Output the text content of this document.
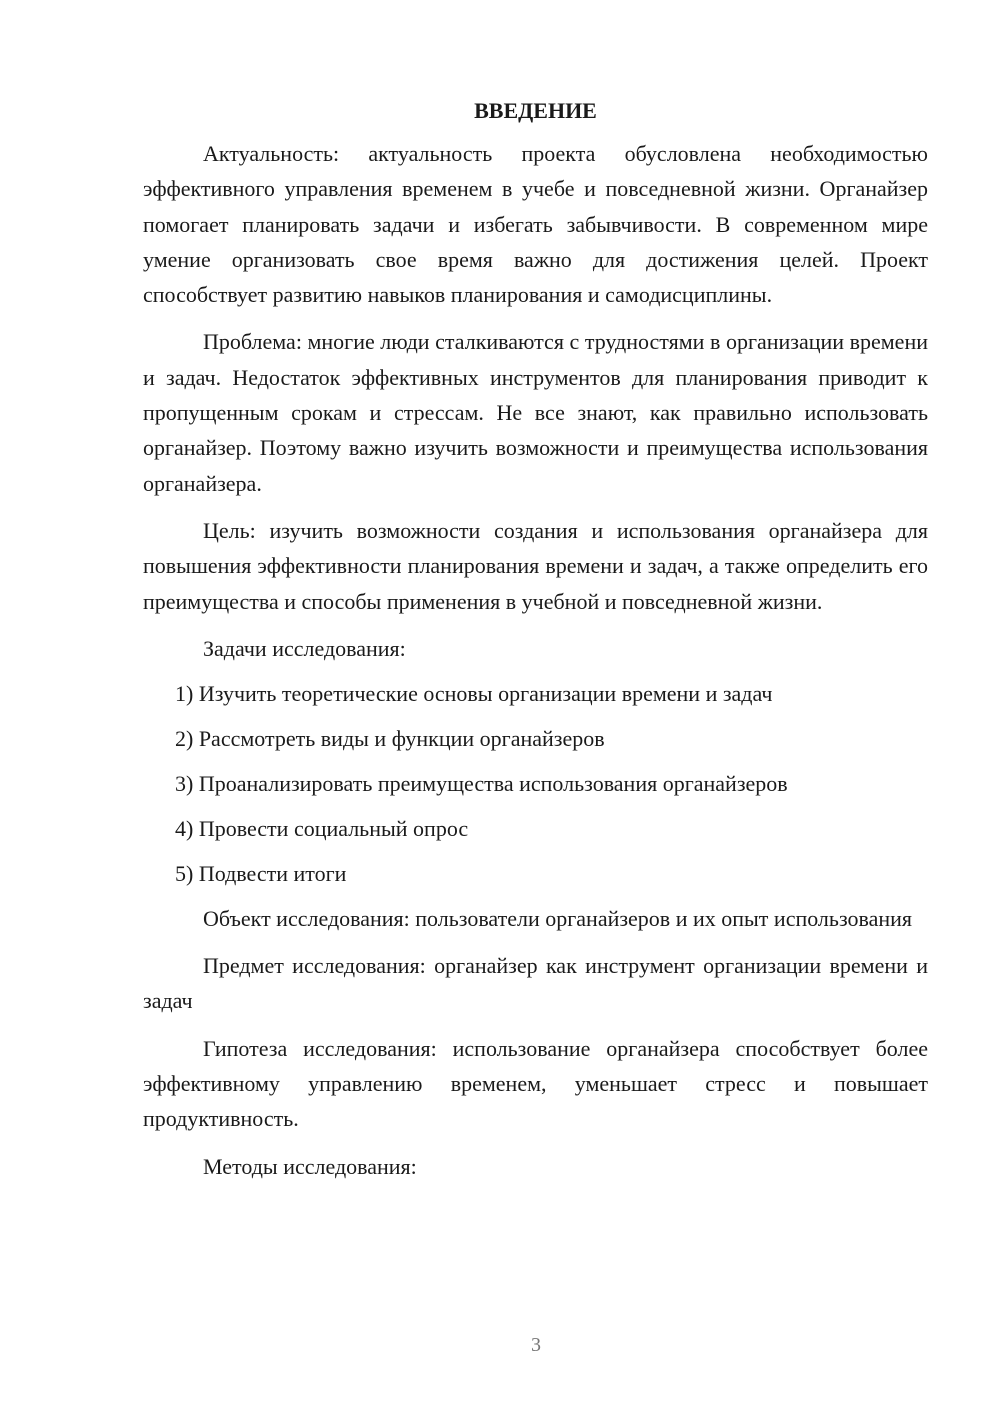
ВВЕДЕНИЕ

Актуальность: актуальность проекта обусловлена необходимостью эффективного управления временем в учебе и повседневной жизни. Органайзер помогает планировать задачи и избегать забывчивости. В современном мире умение организовать свое время важно для достижения целей. Проект способствует развитию навыков планирования и самодисциплины.

Проблема: многие люди сталкиваются с трудностями в организации времени и задач. Недостаток эффективных инструментов для планирования приводит к пропущенным срокам и стрессам. Не все знают, как правильно использовать органайзер. Поэтому важно изучить возможности и преимущества использования органайзера.

Цель: изучить возможности создания и использования органайзера для повышения эффективности планирования времени и задач, а также определить его преимущества и способы применения в учебной и повседневной жизни.

Задачи исследования:

1) Изучить теоретические основы организации времени и задач
2) Рассмотреть виды и функции органайзеров
3) Проанализировать преимущества использования органайзеров
4) Провести социальный опрос
5) Подвести итоги

Объект исследования: пользователи органайзеров и их опыт использования

Предмет исследования: органайзер как инструмент организации времени и задач

Гипотеза исследования: использование органайзера способствует более эффективному управлению временем, уменьшает стресс и повышает продуктивность.

Методы исследования:

3
